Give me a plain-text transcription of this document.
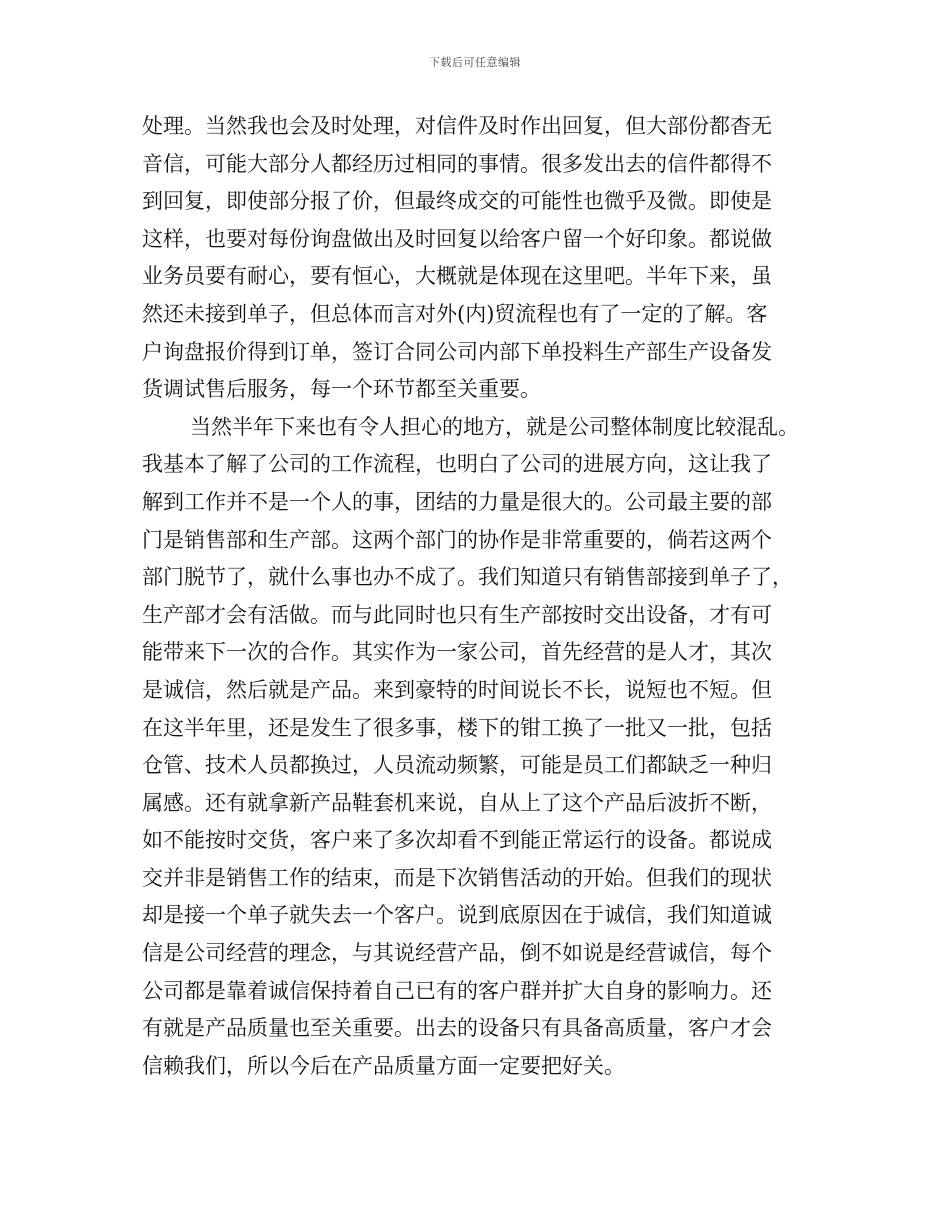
下载后可任意编辑
处理。当然我也会及时处理，对信件及时作出回复，但大部份都杳无
音信，可能大部分人都经历过相同的事情。很多发出去的信件都得不
到回复，即使部分报了价，但最终成交的可能性也微乎及微。即使是
这样，也要对每份询盘做出及时回复以给客户留一个好印象。都说做
业务员要有耐心，要有恒心，大概就是体现在这里吧。半年下来，虽
然还未接到单子，但总体而言对外(内)贸流程也有了一定的了解。客
户询盘报价得到订单，签订合同公司内部下单投料生产部生产设备发
货调试售后服务，每一个环节都至关重要。
当然半年下来也有令人担心的地方，就是公司整体制度比较混乱。
我基本了解了公司的工作流程，也明白了公司的进展方向，这让我了
解到工作并不是一个人的事，团结的力量是很大的。公司最主要的部
门是销售部和生产部。这两个部门的协作是非常重要的，倘若这两个
部门脱节了，就什么事也办不成了。我们知道只有销售部接到单子了，
生产部才会有活做。而与此同时也只有生产部按时交出设备，才有可
能带来下一次的合作。其实作为一家公司，首先经营的是人才，其次
是诚信，然后就是产品。来到豪特的时间说长不长，说短也不短。但
在这半年里，还是发生了很多事，楼下的钳工换了一批又一批，包括
仓管、技术人员都换过，人员流动频繁，可能是员工们都缺乏一种归
属感。还有就拿新产品鞋套机来说，自从上了这个产品后波折不断，
如不能按时交货，客户来了多次却看不到能正常运行的设备。都说成
交并非是销售工作的结束，而是下次销售活动的开始。但我们的现状
却是接一个单子就失去一个客户。说到底原因在于诚信，我们知道诚
信是公司经营的理念，与其说经营产品，倒不如说是经营诚信，每个
公司都是靠着诚信保持着自己已有的客户群并扩大自身的影响力。还
有就是产品质量也至关重要。出去的设备只有具备高质量，客户才会
信赖我们，所以今后在产品质量方面一定要把好关。
